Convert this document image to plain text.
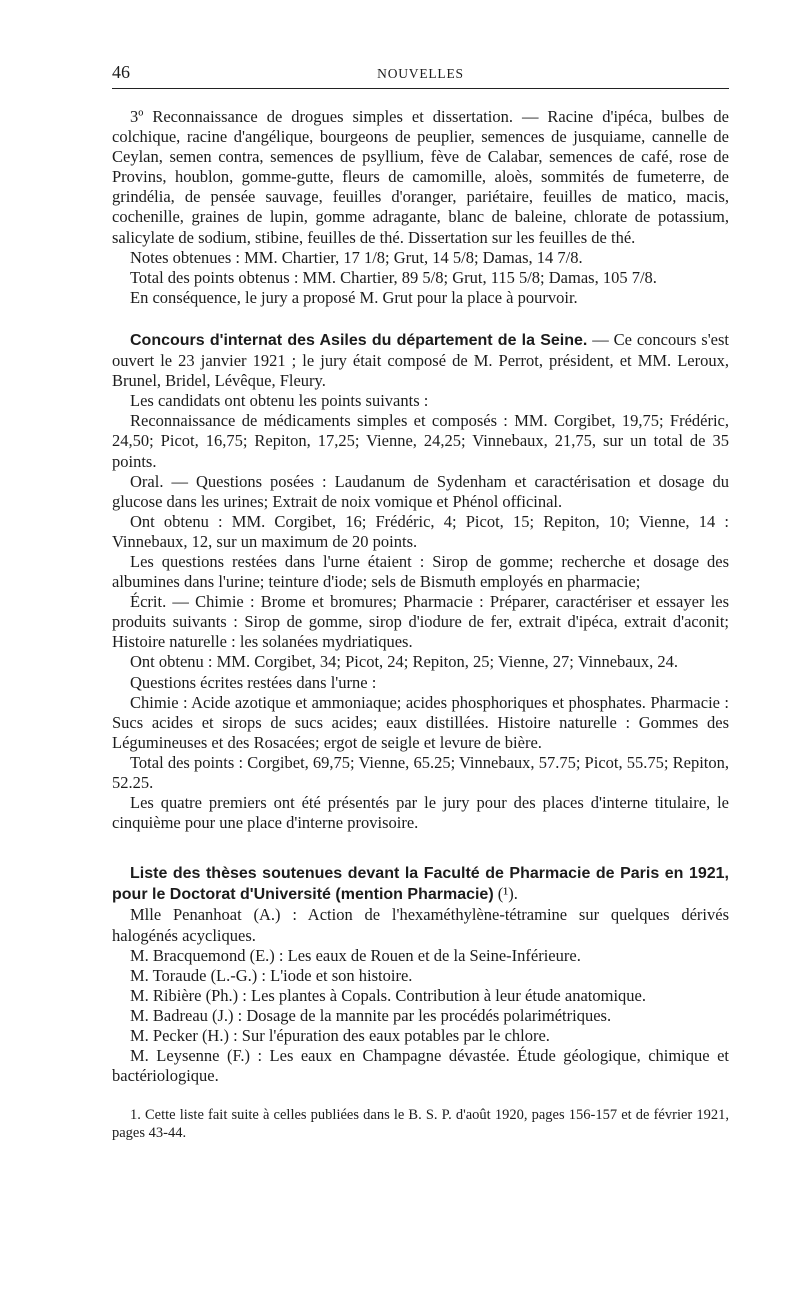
46	NOUVELLES

3º Reconnaissance de drogues simples et dissertation. — Racine d'ipéca, bulbes de colchique, racine d'angélique, bourgeons de peuplier, semences de jusquiame, cannelle de Ceylan, semen contra, semences de psyllium, fève de Calabar, semences de café, rose de Provins, houblon, gomme-gutte, fleurs de camomille, aloès, sommités de fumeterre, de grindélia, de pensée sauvage, feuilles d'oranger, pariétaire, feuilles de matico, macis, cochenille, graines de lupin, gomme adragante, blanc de baleine, chlorate de potassium, salicylate de sodium, stibine, feuilles de thé. Dissertation sur les feuilles de thé.

Notes obtenues : MM. Chartier, 17 1/8; Grut, 14 5/8; Damas, 14 7/8.

Total des points obtenus : MM. Chartier, 89 5/8; Grut, 115 5/8; Damas, 105 7/8.

En conséquence, le jury a proposé M. Grut pour la place à pourvoir.

Concours d'internat des Asiles du département de la Seine. — Ce concours s'est ouvert le 23 janvier 1921 ; le jury était composé de M. Perrot, président, et MM. Leroux, Brunel, Bridel, Lévêque, Fleury.

Les candidats ont obtenu les points suivants :

Reconnaissance de médicaments simples et composés : MM. Corgibet, 19,75; Frédéric, 24,50; Picot, 16,75; Repiton, 17,25; Vienne, 24,25; Vinnebaux, 21,75, sur un total de 35 points.

Oral. — Questions posées : Laudanum de Sydenham et caractérisation et dosage du glucose dans les urines; Extrait de noix vomique et Phénol officinal.

Ont obtenu : MM. Corgibet, 16; Frédéric, 4; Picot, 15; Repiton, 10; Vienne, 14 : Vinnebaux, 12, sur un maximum de 20 points.

Les questions restées dans l'urne étaient : Sirop de gomme; recherche et dosage des albumines dans l'urine; teinture d'iode; sels de Bismuth employés en pharmacie;

Écrit. — Chimie : Brome et bromures; Pharmacie : Préparer, caractériser et essayer les produits suivants : Sirop de gomme, sirop d'iodure de fer, extrait d'ipéca, extrait d'aconit; Histoire naturelle : les solanées mydriatiques.

Ont obtenu : MM. Corgibet, 34; Picot, 24; Repiton, 25; Vienne, 27; Vinnebaux, 24.

Questions écrites restées dans l'urne :

Chimie : Acide azotique et ammoniaque; acides phosphoriques et phosphates. Pharmacie : Sucs acides et sirops de sucs acides; eaux distillées. Histoire naturelle : Gommes des Légumineuses et des Rosacées; ergot de seigle et levure de bière.

Total des points : Corgibet, 69,75; Vienne, 65.25; Vinnebaux, 57.75; Picot, 55.75; Repiton, 52.25.

Les quatre premiers ont été présentés par le jury pour des places d'interne titulaire, le cinquième pour une place d'interne provisoire.

Liste des thèses soutenues devant la Faculté de Pharmacie de Paris en 1921, pour le Doctorat d'Université (mention Pharmacie) (¹).

Mlle Penanhoat (A.) : Action de l'hexaméthylène-tétramine sur quelques dérivés halogénés acycliques.

M. Bracquemond (E.) : Les eaux de Rouen et de la Seine-Inférieure.

M. Toraude (L.-G.) : L'iode et son histoire.

M. Ribière (Ph.) : Les plantes à Copals. Contribution à leur étude anatomique.

M. Badreau (J.) : Dosage de la mannite par les procédés polarimétriques.

M. Pecker (H.) : Sur l'épuration des eaux potables par le chlore.

M. Leysenne (F.) : Les eaux en Champagne dévastée. Étude géologique, chimique et bactériologique.

1. Cette liste fait suite à celles publiées dans le B. S. P. d'août 1920, pages 156-157 et de février 1921, pages 43-44.
